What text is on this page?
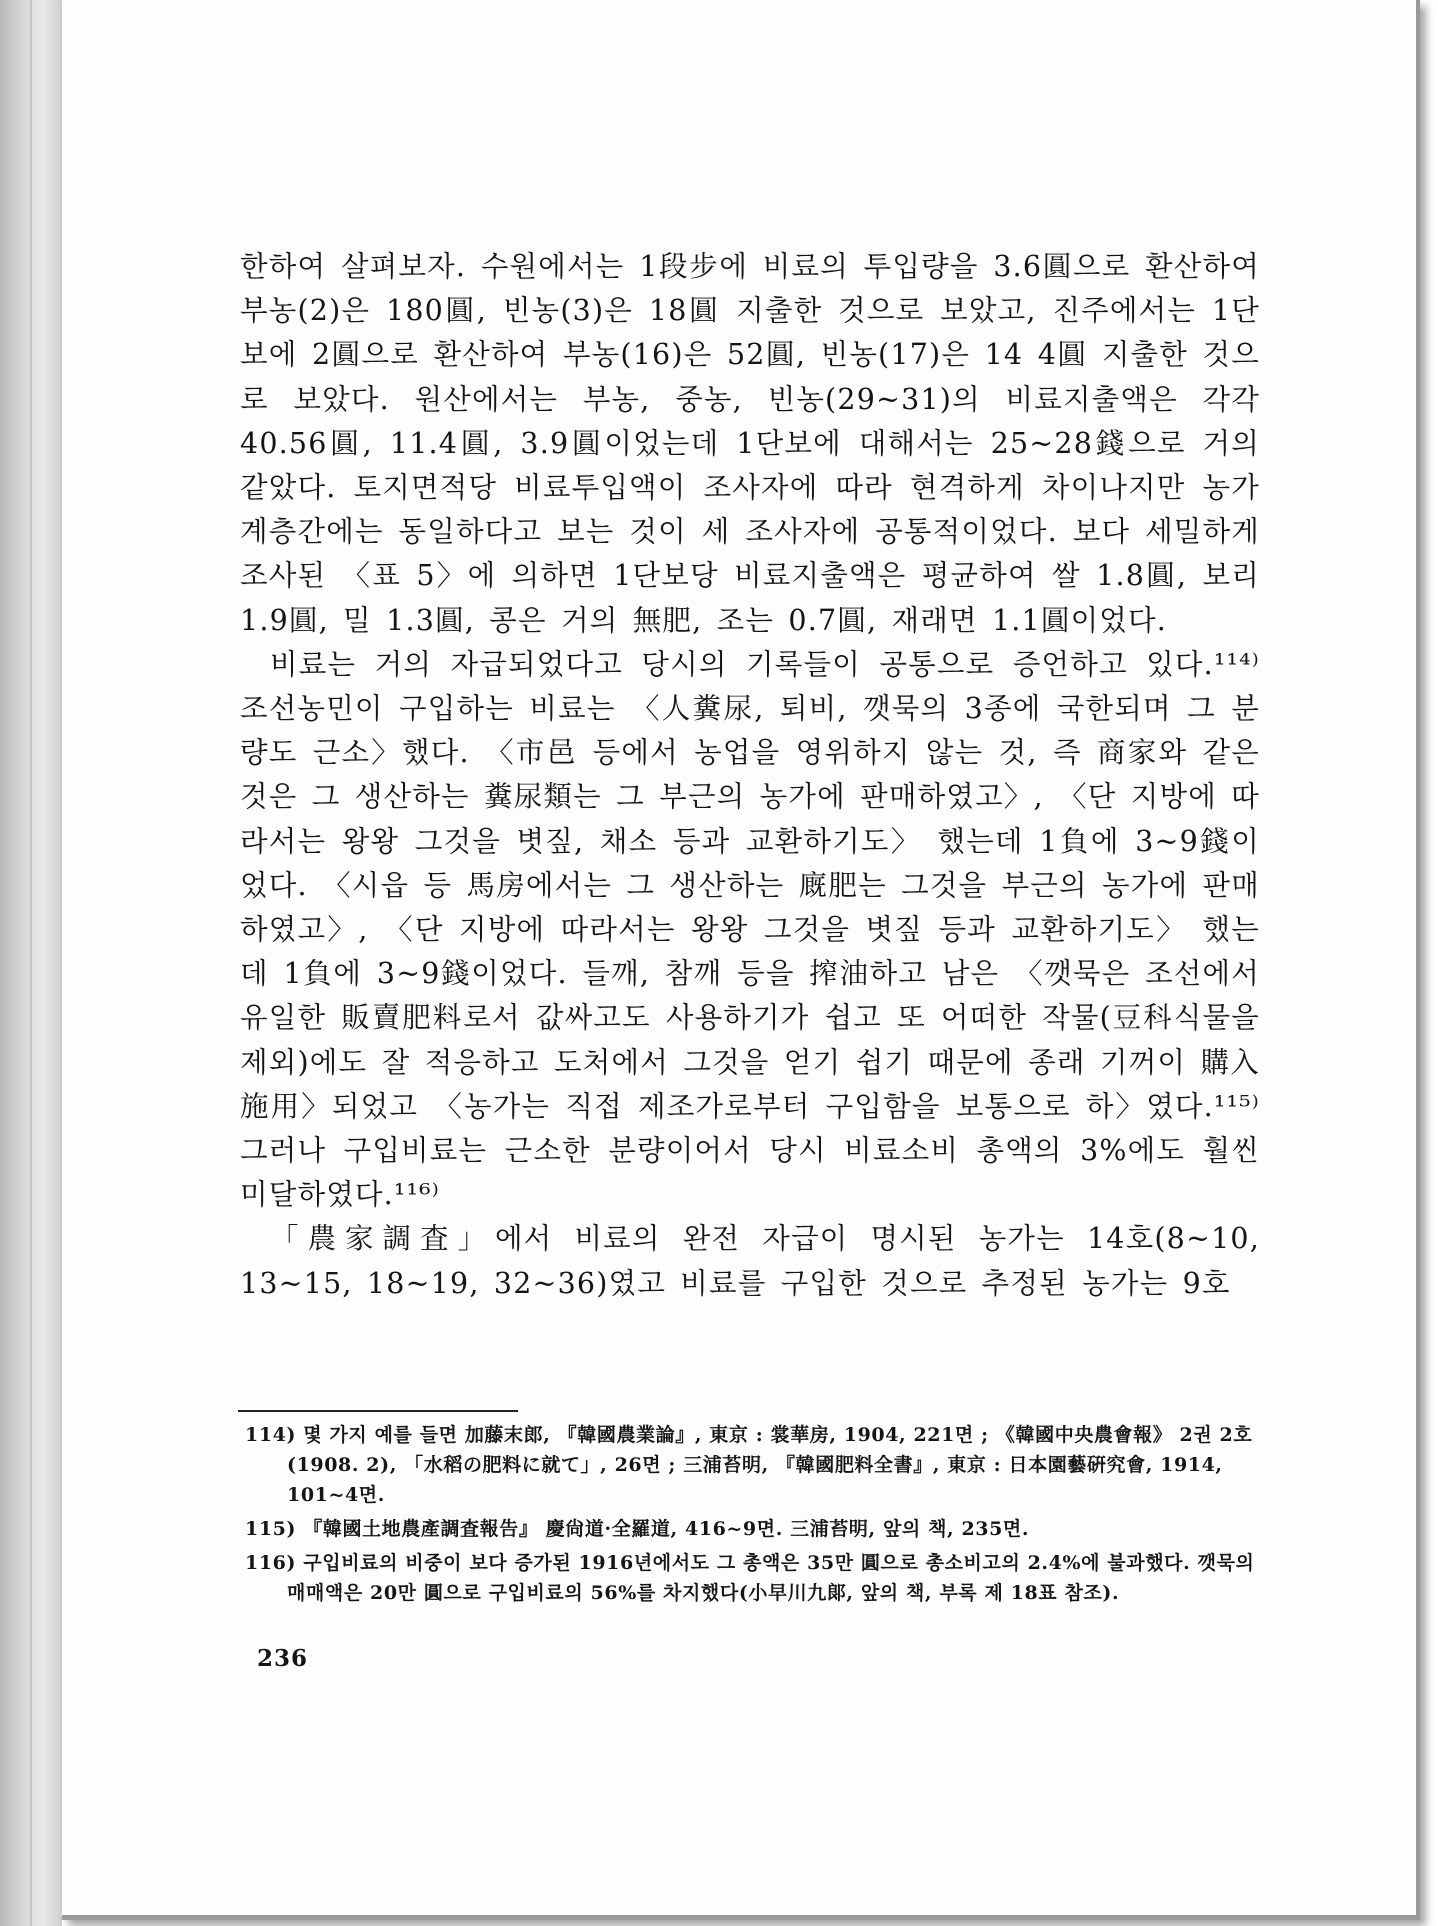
한하여 살펴보자. 수원에서는 1段步에 비료의 투입량을 3.6圓으로 환산하여 부농(2)은 180圓, 빈농(3)은 18圓 지출한 것으로 보았고, 진주에서는 1단보에 2圓으로 환산하여 부농(16)은 52圓, 빈농(17)은 14 4圓 지출한 것으로 보았다. 원산에서는 부농, 중농, 빈농(29~31)의 비료지출액은 각각 40.56圓, 11.4圓, 3.9圓이었는데 1단보에 대해서는 25~28錢으로 거의 같았다. 토지면적당 비료투입액이 조사자에 따라 현격하게 차이나지만 농가계층간에는 동일하다고 보는 것이 세 조사자에 공통적이었다. 보다 세밀하게 조사된 〈표 5〉에 의하면 1단보당 비료지출액은 평균하여 쌀 1.8圓, 보리 1.9圓, 밀 1.3圓, 콩은 거의 無肥, 조는 0.7圓, 재래면 1.1圓이었다.

비료는 거의 자급되었다고 당시의 기록들이 공통으로 증언하고 있다.¹¹⁴⁾ 조선농민이 구입하는 비료는 〈人糞尿, 퇴비, 깻묵의 3종에 국한되며 그 분량도 근소〉했다. 〈市邑 등에서 농업을 영위하지 않는 것, 즉 商家와 같은 것은 그 생산하는 糞尿類는 그 부근의 농가에 판매하였고〉, 〈단 지방에 따라서는 왕왕 그것을 볏짚, 채소 등과 교환하기도〉 했는데 1負에 3~9錢이었다. 〈시읍 등 馬房에서는 그 생산하는 廐肥는 그것을 부근의 농가에 판매하였고〉, 〈단 지방에 따라서는 왕왕 그것을 볏짚 등과 교환하기도〉 했는데 1負에 3~9錢이었다. 들깨, 참깨 등을 搾油하고 남은 〈깻묵은 조선에서 유일한 販賣肥料로서 값싸고도 사용하기가 쉽고 또 어떠한 작물(豆科식물을 제외)에도 잘 적응하고 도처에서 그것을 얻기 쉽기 때문에 종래 기꺼이 購入施用〉되었고 〈농가는 직접 제조가로부터 구입함을 보통으로 하〉였다.¹¹⁵⁾ 그러나 구입비료는 근소한 분량이어서 당시 비료소비 총액의 3%에도 훨씬 미달하였다.¹¹⁶⁾

「農家調査」에서 비료의 완전 자급이 명시된 농가는 14호(8~10, 13~15, 18~19, 32~36)였고 비료를 구입한 것으로 추정된 농가는 9호

114) 몇 가지 예를 들면 加藤末郎, 『韓國農業論』, 東京 : 裳華房, 1904, 221면 ; 《韓國中央農會報》 2권 2호(1908. 2), 「水稻の肥料に就て」, 26면 ; 三浦苔明, 『韓國肥料全書』, 東京 : 日本園藝硏究會, 1914, 101~4면.

115) 『韓國土地農產調査報告』 慶尙道·全羅道, 416~9면. 三浦苔明, 앞의 책, 235면.

116) 구입비료의 비중이 보다 증가된 1916년에서도 그 총액은 35만 圓으로 총소비고의 2.4%에 불과했다. 깻묵의 매매액은 20만 圓으로 구입비료의 56%를 차지했다(小早川九郞, 앞의 책, 부록 제 18표 참조).

236
